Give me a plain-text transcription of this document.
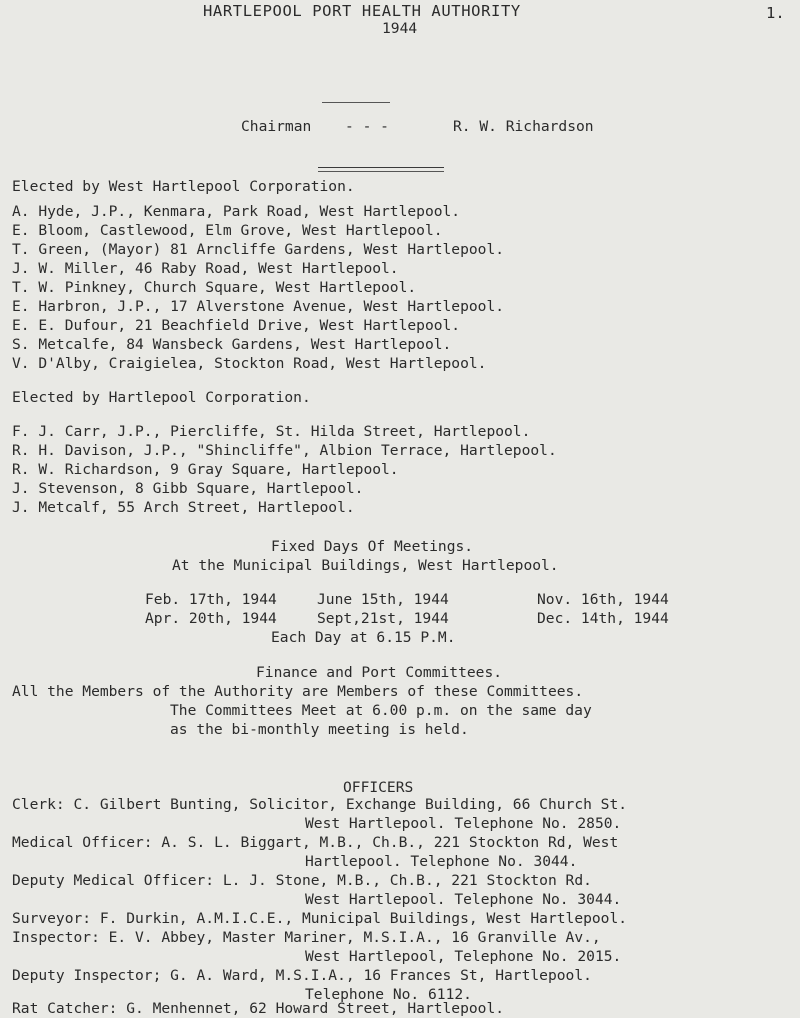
HARTLEPOOL PORT HEALTH AUTHORITY	1.
1944
Chairman - - -	R. W. Richardson
Elected by West Hartlepool Corporation.
A. Hyde, J.P., Kenmara, Park Road, West Hartlepool.
E. Bloom, Castlewood, Elm Grove, West Hartlepool.
T. Green, (Mayor) 81 Arncliffe Gardens, West Hartlepool.
J. W. Miller, 46 Raby Road, West Hartlepool.
T. W. Pinkney, Church Square, West Hartlepool.
E. Harbron, J.P., 17 Alverstone Avenue, West Hartlepool.
E. E. Dufour, 21 Beachfield Drive, West Hartlepool.
S. Metcalfe, 84 Wansbeck Gardens, West Hartlepool.
V. D'Alby, Craigielea, Stockton Road, West Hartlepool.
Elected by Hartlepool Corporation.
F. J. Carr, J.P., Piercliffe, St. Hilda Street, Hartlepool.
R. H. Davison, J.P., "Shincliffe", Albion Terrace, Hartlepool.
R. W. Richardson, 9 Gray Square, Hartlepool.
J. Stevenson, 8 Gibb Square, Hartlepool.
J. Metcalf, 55 Arch Street, Hartlepool.
Fixed Days Of Meetings.
At the Municipal Buildings, West Hartlepool.
Feb. 17th, 1944	June 15th, 1944	Nov. 16th, 1944
Apr. 20th, 1944	Sept,21st, 1944	Dec. 14th, 1944
Each Day at 6.15 P.M.
Finance and Port Committees.
All the Members of the Authority are Members of these Committees.
The Committees Meet at 6.00 p.m. on the same day
as the bi-monthly meeting is held.
OFFICERS
Clerk: C. Gilbert Bunting, Solicitor, Exchange Building, 66 Church St.
West Hartlepool. Telephone No. 2850.
Medical Officer: A. S. L. Biggart, M.B., Ch.B., 221 Stockton Rd, West
Hartlepool. Telephone No. 3044.
Deputy Medical Officer: L. J. Stone, M.B., Ch.B., 221 Stockton Rd.
West Hartlepool. Telephone No. 3044.
Surveyor: F. Durkin, A.M.I.C.E., Municipal Buildings, West Hartlepool.
Inspector: E. V. Abbey, Master Mariner, M.S.I.A., 16 Granville Av.,
West Hartlepool, Telephone No. 2015.
Deputy Inspector; G. A. Ward, M.S.I.A., 16 Frances St, Hartlepool.
Telephone No. 6112.
Rat Catcher: G. Menhennet, 62 Howard Street, Hartlepool.
